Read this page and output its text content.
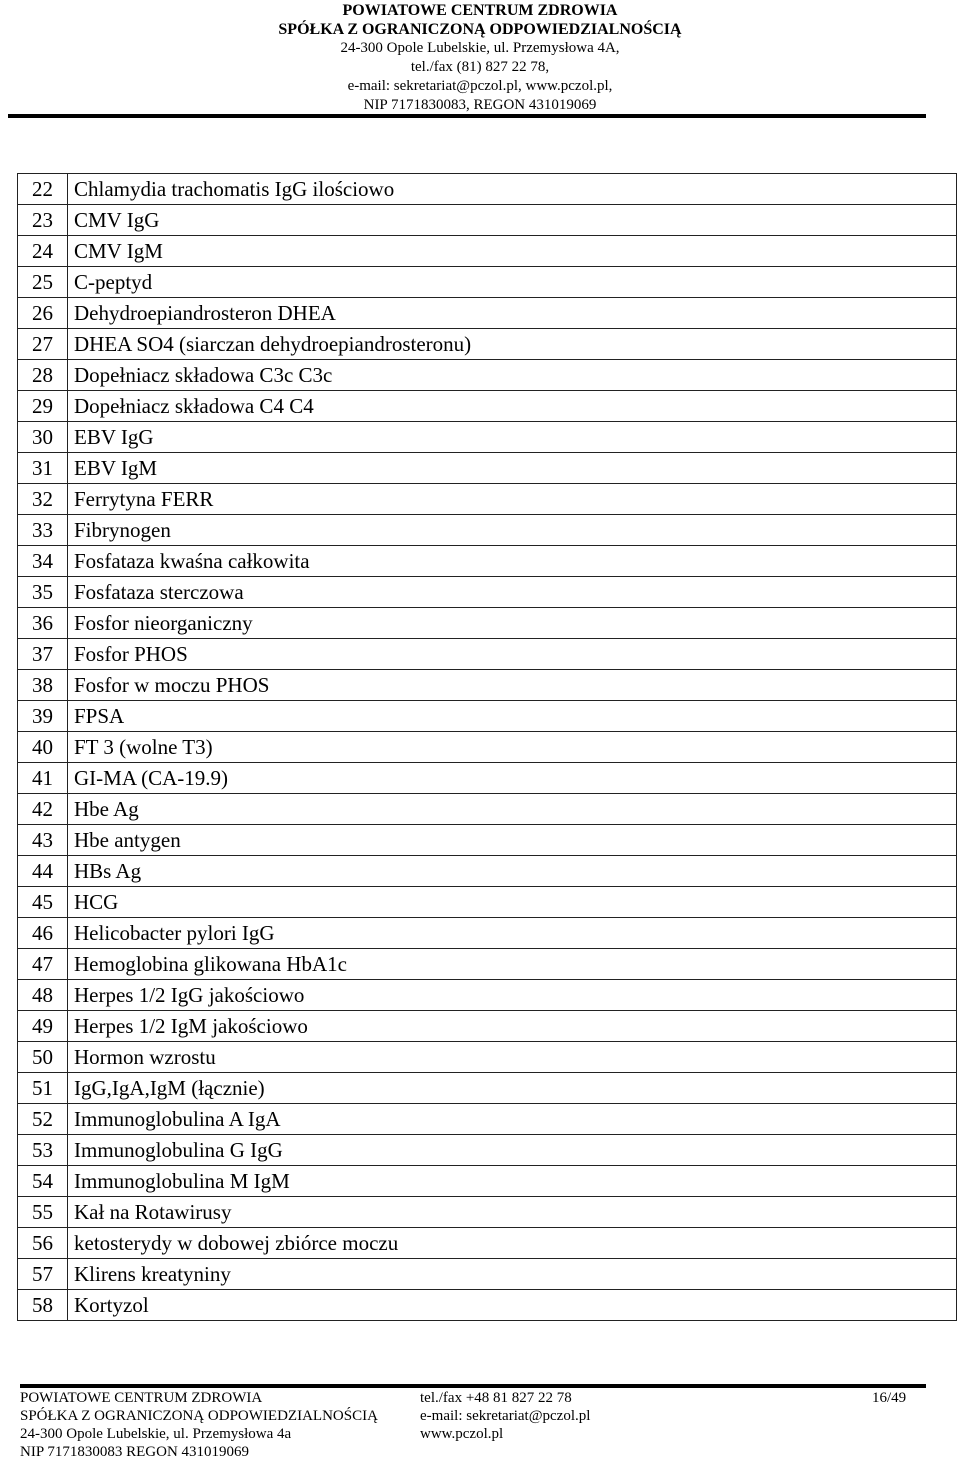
POWIATOWE CENTRUM ZDROWIA
SPÓŁKA Z OGRANICZONĄ ODPOWIEDZIALNOŚCIĄ
24-300 Opole Lubelskie, ul. Przemysłowa 4A,
tel./fax (81) 827 22 78,
e-mail: sekretariat@pczol.pl, www.pczol.pl,
NIP 7171830083, REGON 431019069
22	Chlamydia trachomatis IgG ilościowo
23	CMV IgG
24	CMV IgM
25	C-peptyd
26	Dehydroepiandrosteron DHEA
27	DHEA SO4 (siarczan dehydroepiandrosteronu)
28	Dopełniacz składowa C3c C3c
29	Dopełniacz składowa C4 C4
30	EBV IgG
31	EBV IgM
32	Ferrytyna FERR
33	Fibrynogen
34	Fosfataza kwaśna całkowita
35	Fosfataza sterczowa
36	Fosfor nieorganiczny
37	Fosfor PHOS
38	Fosfor w moczu PHOS
39	FPSA
40	FT 3 (wolne T3)
41	GI-MA (CA-19.9)
42	Hbe Ag
43	Hbe antygen
44	HBs Ag
45	HCG
46	Helicobacter pylori IgG
47	Hemoglobina glikowana HbA1c
48	Herpes 1/2 IgG jakościowo
49	Herpes 1/2 IgM jakościowo
50	Hormon wzrostu
51	IgG,IgA,IgM (łącznie)
52	Immunoglobulina A IgA
53	Immunoglobulina G IgG
54	Immunoglobulina M IgM
55	Kał na Rotawirusy
56	ketosterydy w dobowej zbiórce moczu
57	Klirens kreatyniny
58	Kortyzol
POWIATOWE CENTRUM ZDROWIA
SPÓŁKA Z OGRANICZONĄ ODPOWIEDZIALNOŚCIĄ
24-300 Opole Lubelskie, ul. Przemysłowa 4a
NIP 7171830083 REGON 431019069
tel./fax +48 81 827 22 78
e-mail: sekretariat@pczol.pl
www.pczol.pl
16/49
